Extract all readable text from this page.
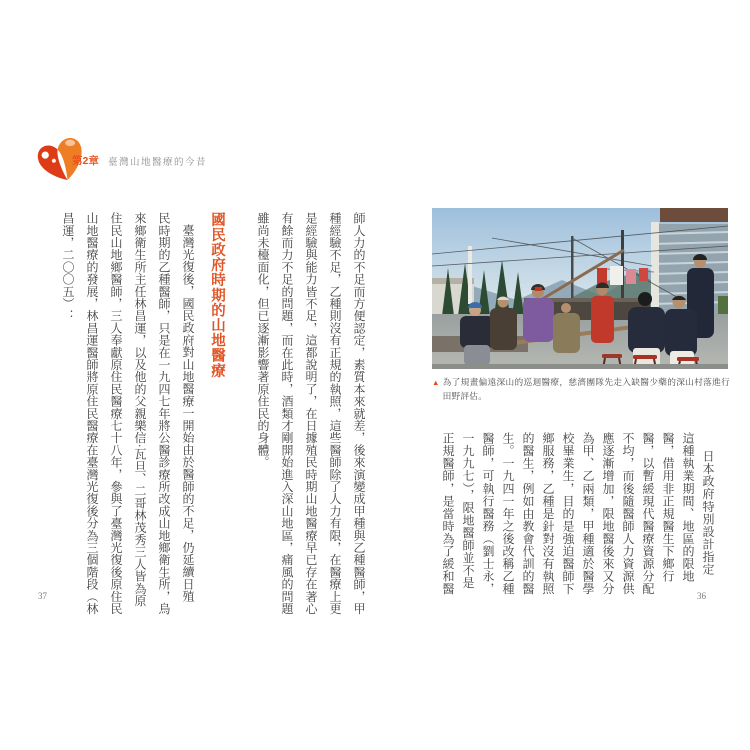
第2章 臺灣山地醫療的今昔
師人力的不足而方便認定，素質本來就差，後來演變成甲種與乙種醫師，甲
種經驗不足，乙種則沒有正規的執照，這些醫師除了人力有限，在醫療上更
是經驗與能力皆不足，這都說明了，在日據殖民時期山地醫療早已存在著心
有餘而力不足的問題，而在此時，酒類才剛開始進入深山地區，痛風的問題
雖尚未檯面化，但已逐漸影響著原住民的身體。
國民政府時期的山地醫療
臺灣光復後，國民政府對山地醫療一開始由於醫師的不足，仍延續日殖
民時期的乙種醫師，只是在一九四七年將公醫診療所改成山地鄉衛生所，烏
來鄉衛生所主任林昌運，以及他的父親樂信·瓦旦、二哥林茂秀三人皆為原
住民山地鄉醫師，三人奉獻原住民醫療七十八年，參與了臺灣光復後原住民
山地醫療的發展，林昌運醫師將原住民醫療在臺灣光復後分為三個階段（林
昌運，二〇〇五）：
37
▲ 為了規畫偏遠深山的巡迴醫療，慈濟團隊先走入缺醫少藥的深山村落進行田野評估。
日本政府特別設計指定
這種執業期間、地區的限地
醫，借用非正規醫生下鄉行
醫，以暫緩現代醫療資源分配
不均，而後隨醫師人力資源供
應逐漸增加，限地醫後來又分
為甲、乙兩類，甲種適於醫學
校畢業生，目的是強迫醫師下
鄉服務，乙種是針對沒有執照
的醫生，例如由教會代訓的醫
生。一九四一年之後改稱乙種
醫師，可執行醫務（劉士永，
一九九七），限地醫師並不是
正規醫師，是當時為了緩和醫
36
